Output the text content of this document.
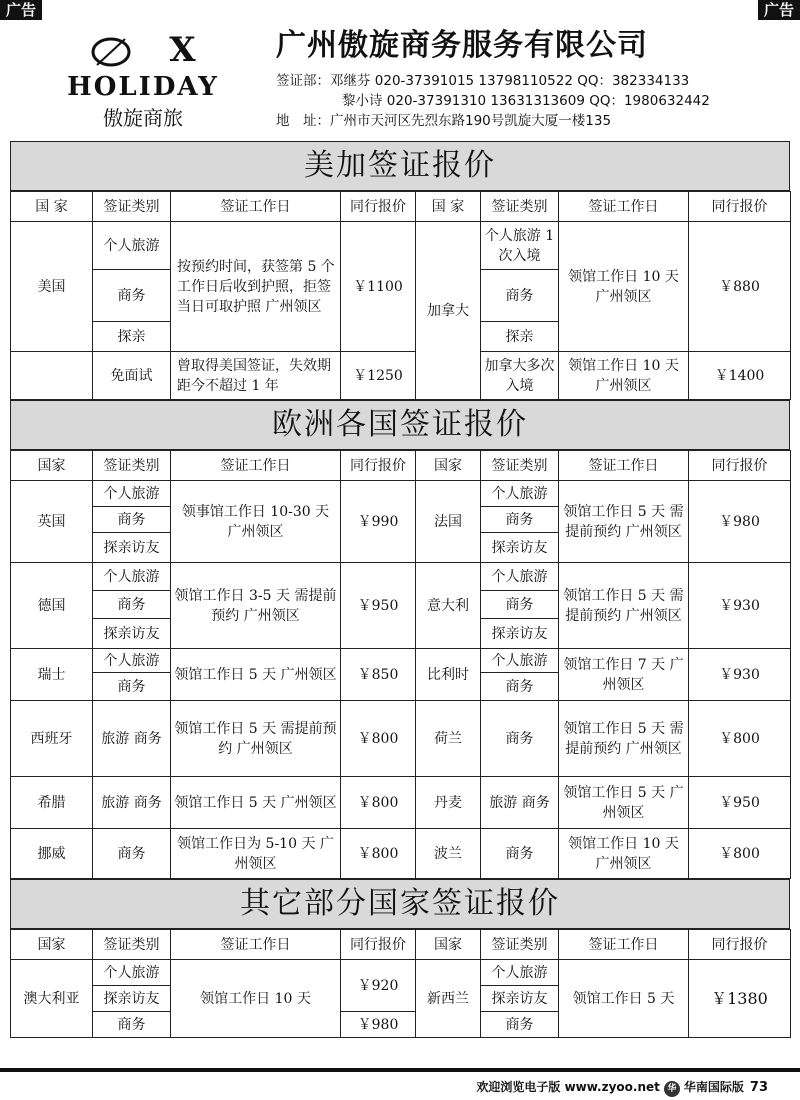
广告	广告
X
HOLIDAY
傲旋商旅
广州傲旋商务服务有限公司
签证部：邓继芬 020-37391015 13798110522 QQ：382334133
黎小诗 020-37391310 13631313609 QQ：1980632442
地　址：广州市天河区先烈东路190号凯旋大厦一楼135
美加签证报价
国 家	签证类别	签证工作日	同行报价	国 家	签证类别	签证工作日	同行报价
美国	个人旅游	按预约时间，获签第 5 个工作日后收到护照，拒签当日可取护照 广州领区	￥1100	加拿大	个人旅游 1 次入境	领馆工作日 10 天 广州领区	￥880
	商务				商务		
	探亲				探亲		
	免面试	曾取得美国签证，失效期距今不超过 1 年	￥1250		加拿大多次入境	领馆工作日 10 天 广州领区	￥1400
欧洲各国签证报价
国家	签证类别	签证工作日	同行报价	国家	签证类别	签证工作日	同行报价
英国	个人旅游	领事馆工作日 10-30 天 广州领区	￥990	法国	个人旅游	领馆工作日 5 天 需提前预约 广州领区	￥980
	商务				商务		
	探亲访友				探亲访友		
德国	个人旅游	领馆工作日 3-5 天 需提前预约 广州领区	￥950	意大利	个人旅游	领馆工作日 5 天 需提前预约 广州领区	￥930
	商务				商务		
	探亲访友				探亲访友		
瑞士	个人旅游	领馆工作日 5 天 广州领区	￥850	比利时	个人旅游	领馆工作日 7 天 广州领区	￥930
	商务				商务		
西班牙	旅游 商务	领馆工作日 5 天 需提前预约 广州领区	￥800	荷兰	商务	领馆工作日 5 天 需提前预约 广州领区	￥800
希腊	旅游 商务	领馆工作日 5 天 广州领区	￥800	丹麦	旅游 商务	领馆工作日 5 天 广州领区	￥950
挪威	商务	领馆工作日为 5-10 天 广州领区	￥800	波兰	商务	领馆工作日 10 天 广州领区	￥800
其它部分国家签证报价
国家	签证类别	签证工作日	同行报价	国家	签证类别	签证工作日	同行报价
澳大利亚	个人旅游	领馆工作日 10 天	￥920	新西兰	个人旅游	领馆工作日 5 天	￥1380
	探亲访友				探亲访友		
	商务		￥980		商务		
欢迎浏览电子版 www.zyoo.net 华 华南国际版 73
